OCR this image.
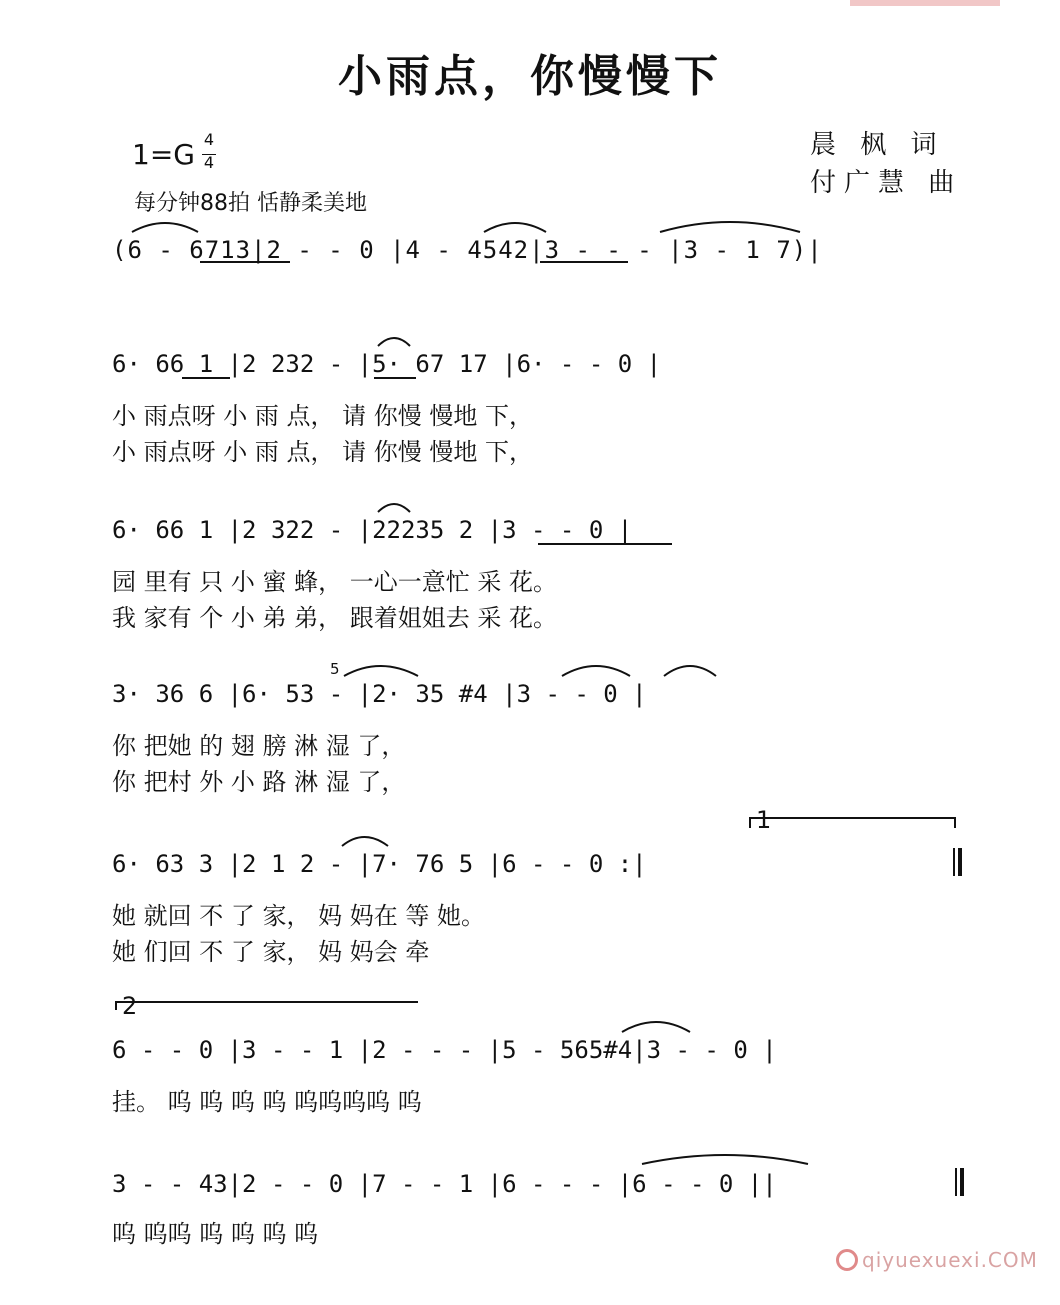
小雨点，你慢慢下
晨 枫 词
付广慧 曲
1=G 4
4
每分钟88拍 恬静柔美地
(6 - 6713|2 - - 0 |4 - 4542|3 - - - |3 - 1 7)|
6· 66 1 |2 232 - |5· 67 17 |6· - - 0 |
小 雨点呀 小 雨 点， 请 你慢 慢地 下，
小 雨点呀 小 雨 点， 请 你慢 慢地 下，
6· 66 1 |2 322 - |22235 2 |3 - - 0 |
园 里有 只 小 蜜 蜂， 一心一意忙 采 花。
我 家有 个 小 弟 弟， 跟着姐姐去 采 花。
3· 36 6 |6· 53 - |2· 35 #4 |3 - - 0 |
5
你 把她 的 翅 膀 淋 湿 了，
你 把村 外 小 路 淋 湿 了，
1
6· 63 3 |2 1 2 - |7· 76 5 |6 - - 0 :|
她 就回 不 了 家， 妈 妈在 等 她。
她 们回 不 了 家， 妈 妈会 牵
2
6 - - 0 |3 - - 1 |2 - - - |5 - 565#4|3 - - 0 |
挂。 呜 呜 呜 呜 呜呜呜呜 呜
3 - - 43|2 - - 0 |7 - - 1 |6 - - - |6 - - 0 ||
呜 呜呜 呜 呜 呜 呜
qiyuexuexi.COM
